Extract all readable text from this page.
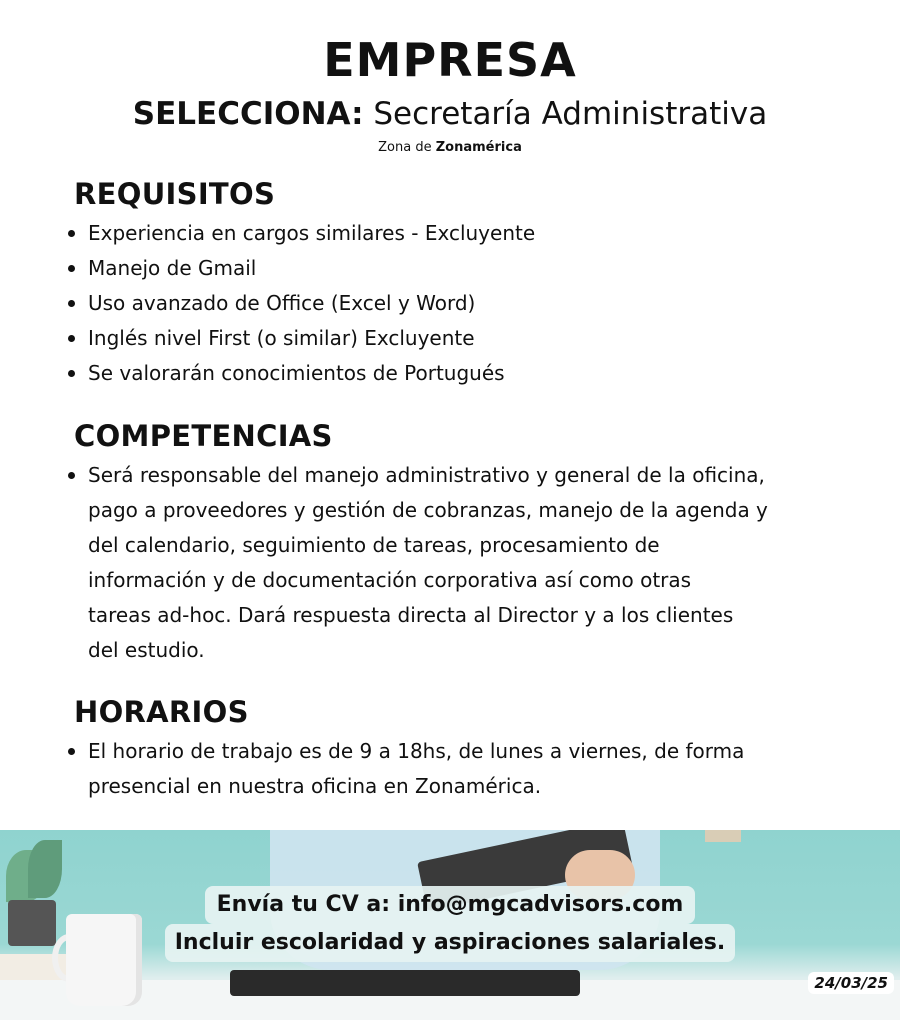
EMPRESA
SELECCIONA: Secretaría Administrativa
Zona de Zonamérica
REQUISITOS
Experiencia en cargos similares - Excluyente
Manejo de Gmail
Uso avanzado de Office (Excel y Word)
Inglés nivel First (o similar) Excluyente
Se valorarán conocimientos de Portugués
COMPETENCIAS
Será responsable del manejo administrativo y general de la oficina,
pago a proveedores y gestión de cobranzas, manejo de la agenda y
del calendario, seguimiento de tareas, procesamiento de
información y de documentación corporativa así como otras
tareas ad-hoc. Dará respuesta directa al Director y a los clientes
del estudio.
HORARIOS
El horario de trabajo es de 9 a 18hs, de lunes a viernes, de forma
presencial en nuestra oficina en Zonamérica.
Envía tu CV a: info@mgcadvisors.com
Incluir escolaridad y aspiraciones salariales.
24/03/25
